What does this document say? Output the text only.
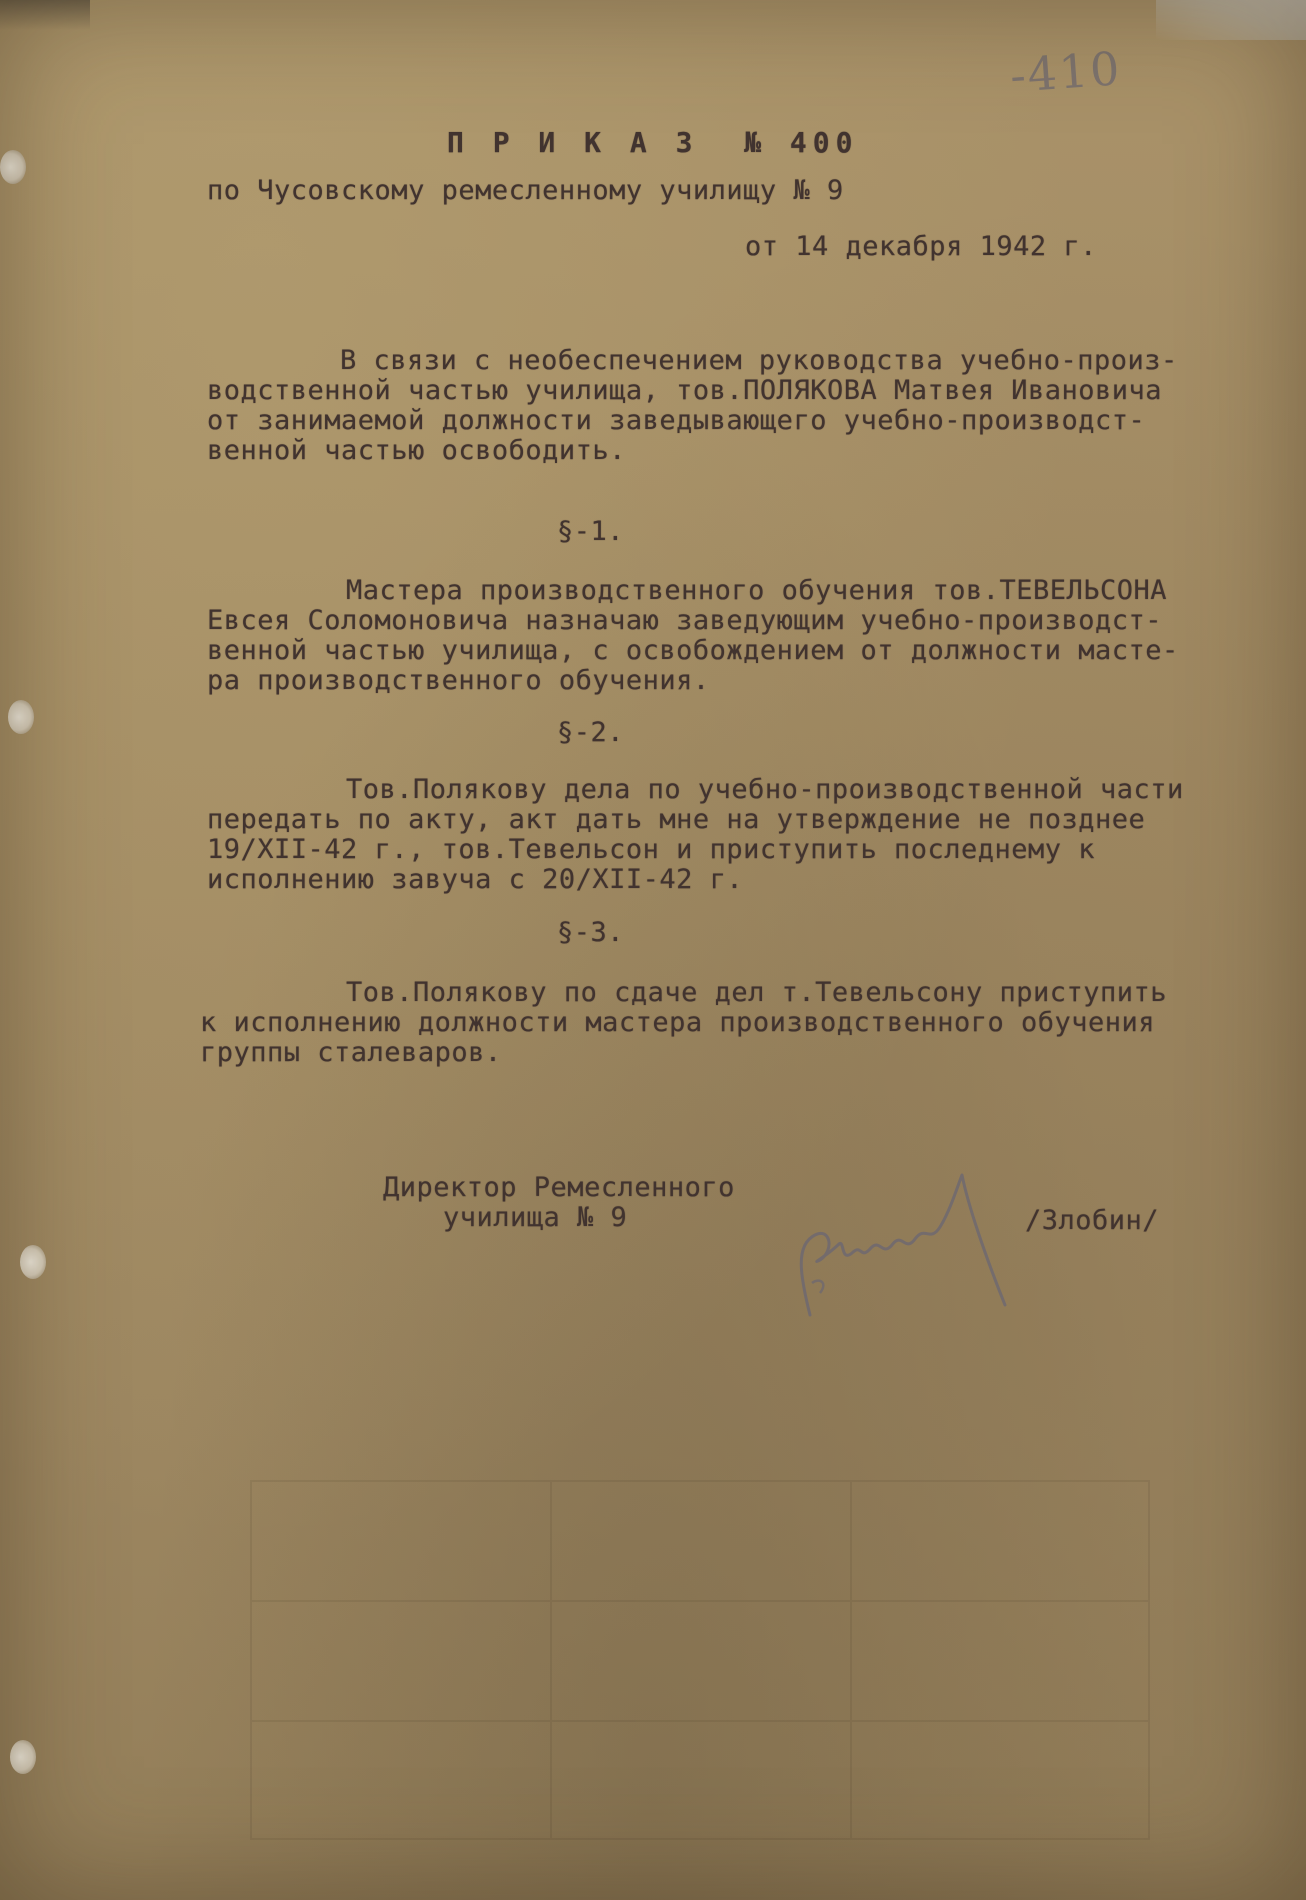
-410
П Р И К А З  № 400
по Чусовскому ремесленному училищу № 9
от 14 декабря 1942 г.
В связи с необеспечением руководства учебно-произ-
водственной частью училища, тов.ПОЛЯКОВА Матвея Ивановича
от занимаемой должности заведывающего учебно-производст-
венной частью освободить.
§-1.
Мастера производственного обучения тов.ТЕВЕЛЬСОНА
Евсея Соломоновича назначаю заведующим учебно-производст-
венной частью училища, с освобождением от должности масте-
ра производственного обучения.
§-2.
Тов.Полякову дела по учебно-производственной части
передать по акту, акт дать мне на утверждение не позднее
19/XII-42 г., тов.Тевельсон и приступить последнему к
исполнению завуча с 20/XII-42 г.
§-3.
Тов.Полякову по сдаче дел т.Тевельсону приступить
к исполнению должности мастера производственного обучения
группы сталеваров.
Директор Ремесленного
училища № 9	/Злобин/
